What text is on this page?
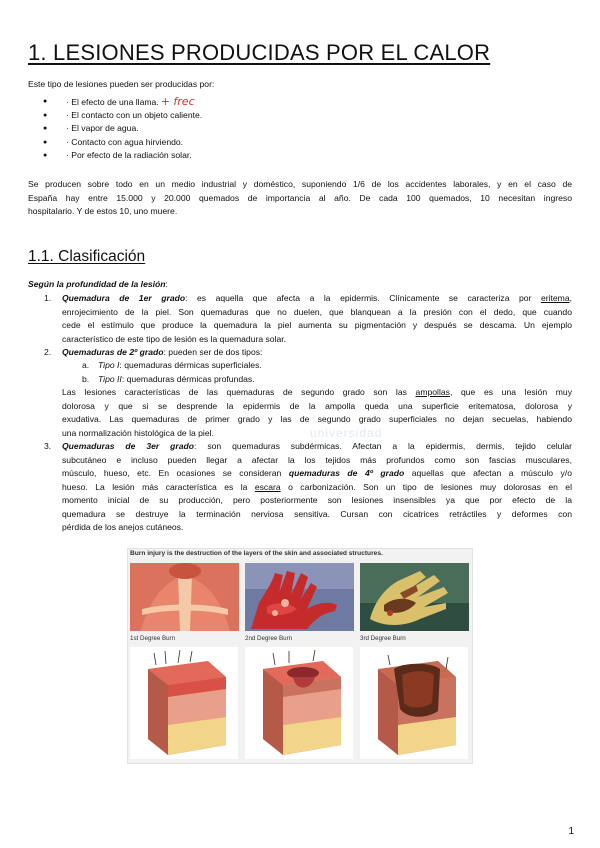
1. LESIONES PRODUCIDAS POR EL CALOR

Este tipo de lesiones pueden ser producidas por:

● · El efecto de una llama. + frec
● · El contacto con un objeto caliente.
● · El vapor de agua.
● · Contacto con agua hirviendo.
● · Por efecto de la radiación solar.
Se producen sobre todo en un medio industrial y doméstico, suponiendo 1/6 de los accidentes laborales, y en el caso de
España hay entre 15.000 y 20.000 quemados de importancia al año. De cada 100 quemados, 10 necesitan ingreso
hospitalario. Y de estos 10, uno muere.
1.1. Clasificación

Según la profundidad de la lesión:

1. Quemadura de 1er grado: es aquella que afecta a la epidermis. Clínicamente se caracteriza por eritema,
enrojecimiento de la piel. Son quemaduras que no duelen, que blanquean a la presión con el dedo, que cuando
cede el estímulo que produce la quemadura la piel aumenta su pigmentación y después se descama. Un ejemplo
característico de este tipo de lesión es la quemadura solar.
2. Quemaduras de 2º grado: pueden ser de dos tipos:

a. Tipo I: quemaduras dérmicas superficiales.

b. Tipo II: quemaduras dérmicas profundas.

Las lesiones características de las quemaduras de segundo grado son las ampollas, que es una lesión muy
dolorosa y que si se desprende la epidermis de la ampolla queda una superficie eritematosa, dolorosa y
exudativa. Las quemaduras de primer grado y las de segundo grado superficiales no dejan secuelas, habiendo
una normalización histológica de la piel.
3. Quemaduras de 3er grado: son quemaduras subdérmicas. Afectan a la epidermis, dermis, tejido celular
subcutáneo e incluso pueden llegar a afectar la los tejidos más profundos como son fascias musculares,
músculo, hueso, etc. En ocasiones se consideran quemaduras de 4º grado aquellas que afectan a músculo y/o
hueso. La lesión más característica es la escara o carbonización. Son un tipo de lesiones muy dolorosas en el
momento inicial de su producción, pero posteriormente son lesiones insensibles ya que por efecto de la
quemadura se destruye la terminación nerviosa sensitiva. Cursan con cicatrices retráctiles y deformes con
pérdida de los anejos cutáneos.
universidad
Burn injury is the destruction of the layers of the skin and associated structures.
1st Degree Burn	2nd Degree Burn	3rd Degree Burn
1
